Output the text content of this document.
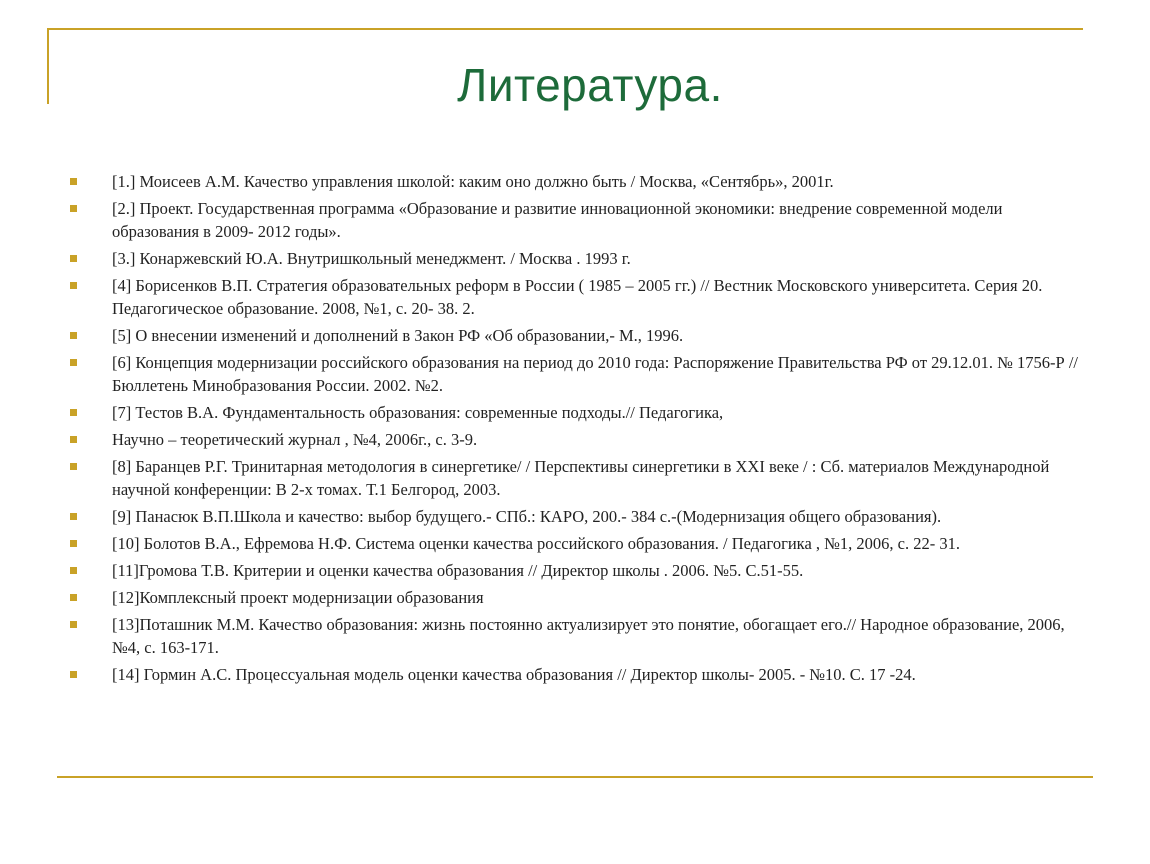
Литература.
[1.] Моисеев А.М. Качество управления школой: каким оно должно быть / Москва, «Сентябрь», 2001г.
[2.] Проект. Государственная программа «Образование и развитие инновационной экономики: внедрение современной модели образования в 2009- 2012 годы».
[3.] Конаржевский Ю.А. Внутришкольный менеджмент. / Москва . 1993 г.
[4] Борисенков В.П. Стратегия образовательных реформ в России ( 1985 – 2005 гг.) // Вестник Московского университета. Серия 20. Педагогическое образование. 2008, №1, с. 20- 38. 2.
[5] О внесении изменений и дополнений в Закон РФ «Об образовании,- М., 1996.
[6] Концепция модернизации российского образования на период до 2010 года: Распоряжение Правительства РФ от 29.12.01. № 1756-Р // Бюллетень Минобразования России. 2002. №2.
[7] Тестов В.А. Фундаментальность образования: современные подходы.// Педагогика,
Научно – теоретический журнал , №4, 2006г., с. 3-9.
[8] Баранцев Р.Г. Тринитарная методология в синергетике/ / Перспективы синергетики в XXI веке / : Сб. материалов Международной научной конференции: В 2-х томах. Т.1 Белгород, 2003.
[9] Панасюк В.П.Школа и качество: выбор будущего.- СПб.: КАРО, 200.- 384 с.-(Модернизация общего образования).
[10] Болотов В.А., Ефремова Н.Ф. Система оценки качества российского образования. / Педагогика , №1, 2006, с. 22- 31.
[11]Громова Т.В. Критерии и оценки качества образования // Директор школы . 2006. №5. С.51-55.
[12]Комплексный проект модернизации образования
[13]Поташник М.М. Качество образования: жизнь постоянно актуализирует это понятие, обогащает его.// Народное образование, 2006, №4, с. 163-171.
[14] Гормин А.С. Процессуальная модель оценки качества образования // Директор школы- 2005. - №10. С. 17 -24.
